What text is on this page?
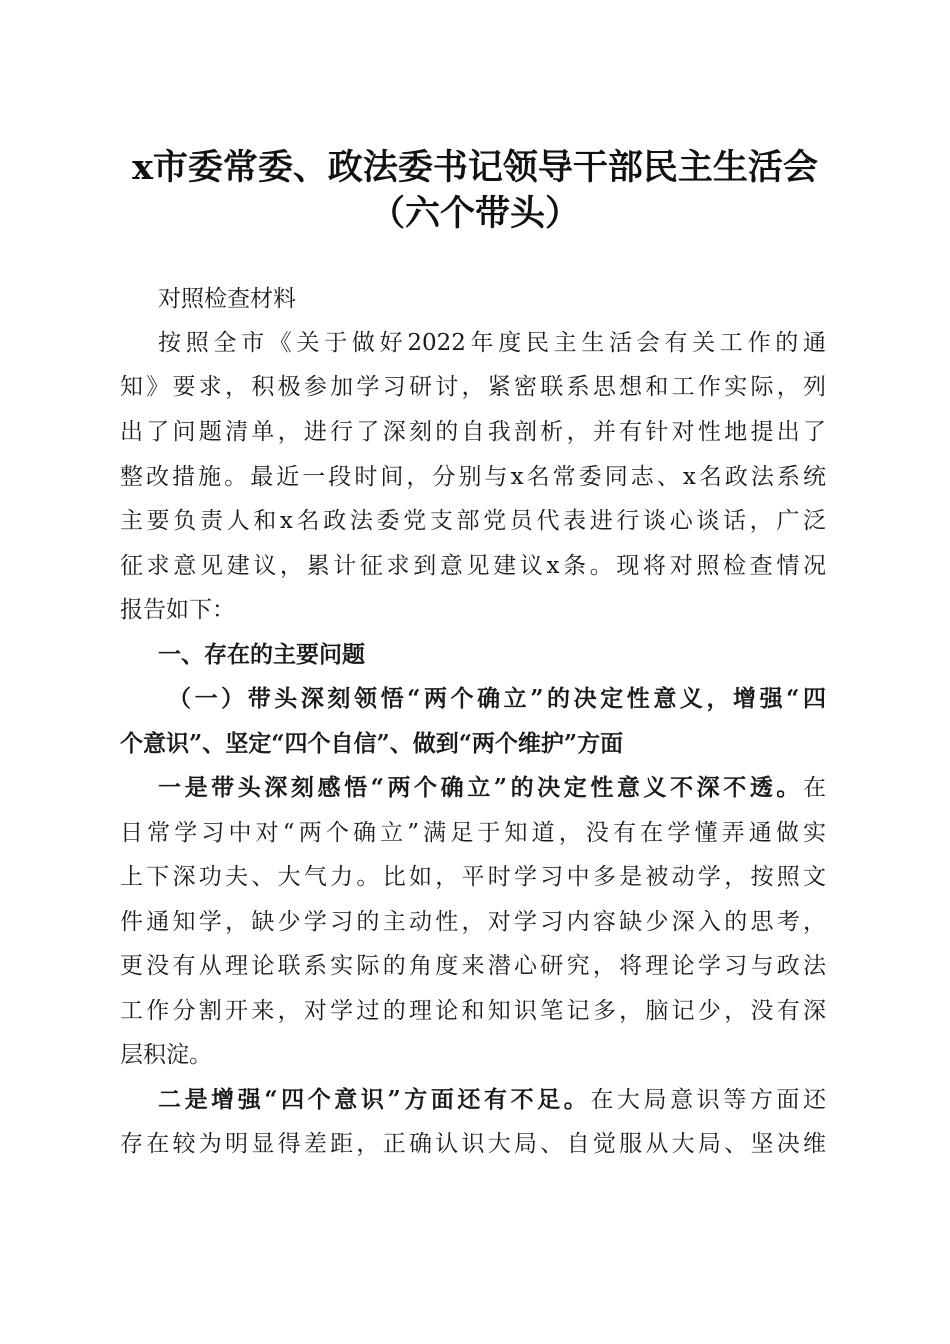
x市委常委、政法委书记领导干部民主生活会
（六个带头）
对照检查材料
按照全市《关于做好2022年度民主生活会有关工作的通
知》要求，积极参加学习研讨，紧密联系思想和工作实际，列
出了问题清单，进行了深刻的自我剖析，并有针对性地提出了
整改措施。最近一段时间，分别与x名常委同志、x名政法系统
主要负责人和x名政法委党支部党员代表进行谈心谈话，广泛
征求意见建议，累计征求到意见建议x条。现将对照检查情况
报告如下：
一、存在的主要问题
（一）带头深刻领悟“两个确立”的决定性意义，增强“四
个意识”、坚定“四个自信”、做到“两个维护”方面
一是带头深刻感悟“两个确立”的决定性意义不深不透。在
日常学习中对“两个确立”满足于知道，没有在学懂弄通做实
上下深功夫、大气力。比如，平时学习中多是被动学，按照文
件通知学，缺少学习的主动性，对学习内容缺少深入的思考，
更没有从理论联系实际的角度来潜心研究，将理论学习与政法
工作分割开来，对学过的理论和知识笔记多，脑记少，没有深
层积淀。
二是增强“四个意识”方面还有不足。在大局意识等方面还
存在较为明显得差距，正确认识大局、自觉服从大局、坚决维
